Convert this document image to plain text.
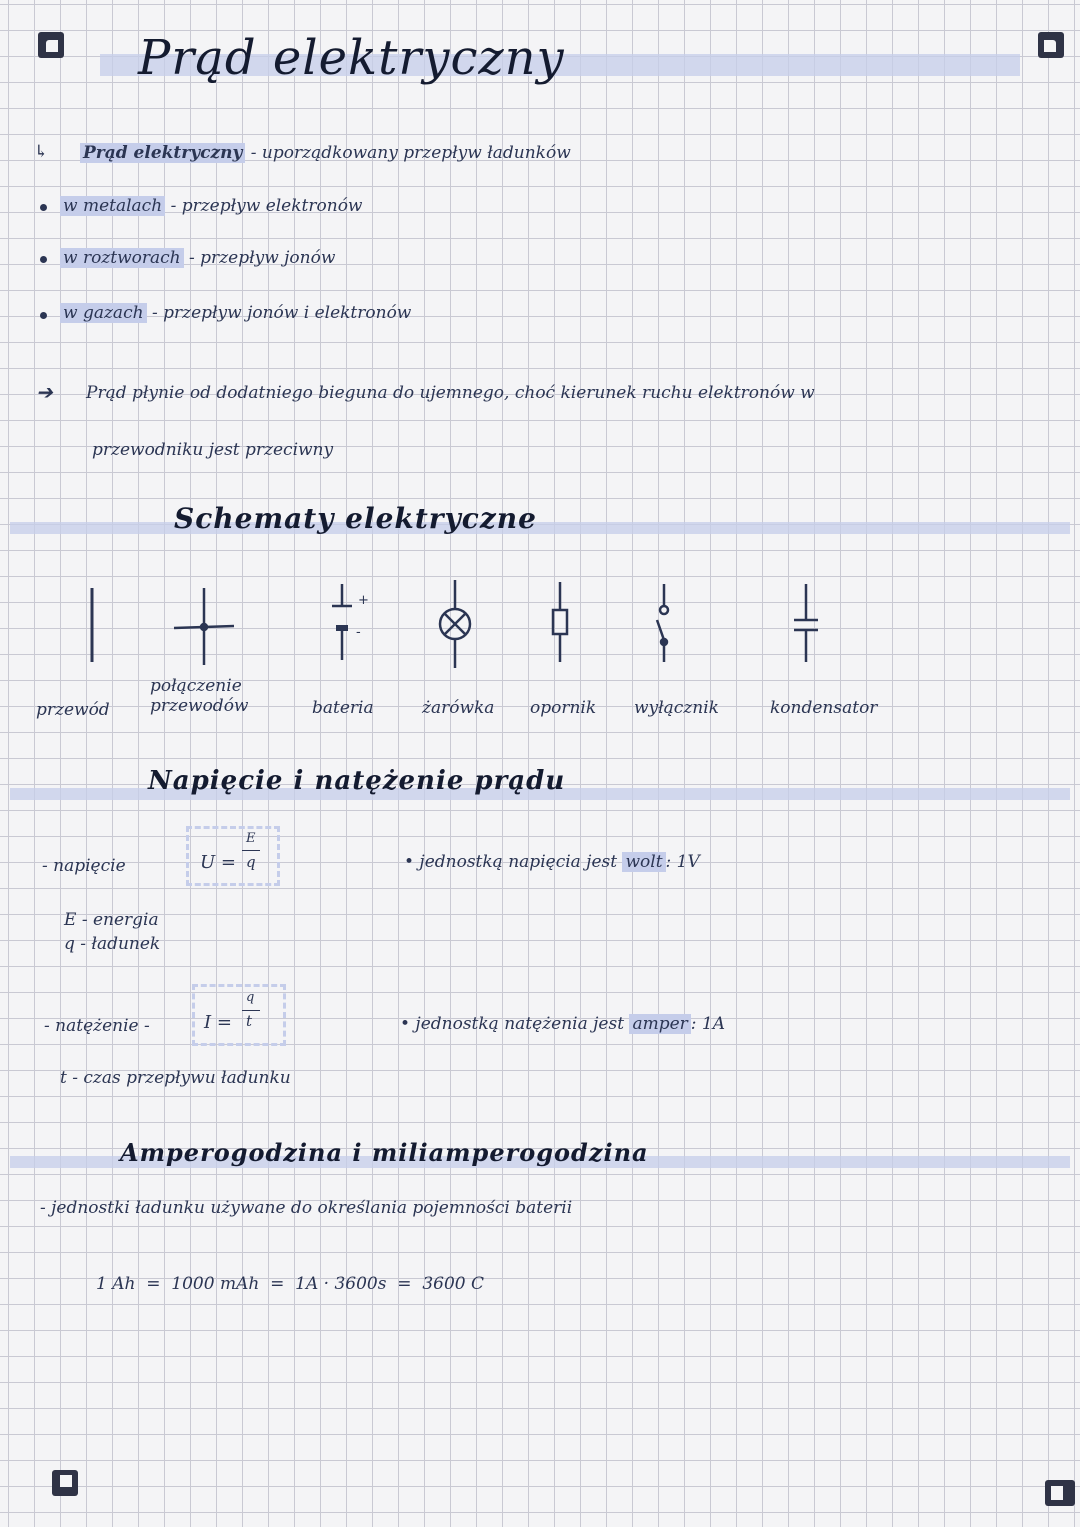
Prąd elektryczny
↳ Prąd elektryczny - uporządkowany przepływ ładunków
w metalach - przepływ elektronów
w roztworach - przepływ jonów
w gazach - przepływ jonów i elektronów
➔ Prąd płynie od dodatniego bieguna do ujemnego, choć kierunek ruchu elektronów w
przewodniku jest przeciwny
Schematy elektryczne
+
-
przewód
połączenie przewodów	bateria	żarówka opornik wyłącznik	kondensator
Napięcie i natężenie prądu
- napięcie	U =
E
q	• jednostką napięcia jest wolt : 1V
E - energia
q - ładunek
- natężenie -	I =
q
t	• jednostką natężenia jest amper : 1A
t - czas przepływu ładunku
Amperogodzina i miliamperogodzina
- jednostki ładunku używane do określania pojemności baterii
1 Ah  =  1000 mAh  =  1A · 3600s  =  3600 C
